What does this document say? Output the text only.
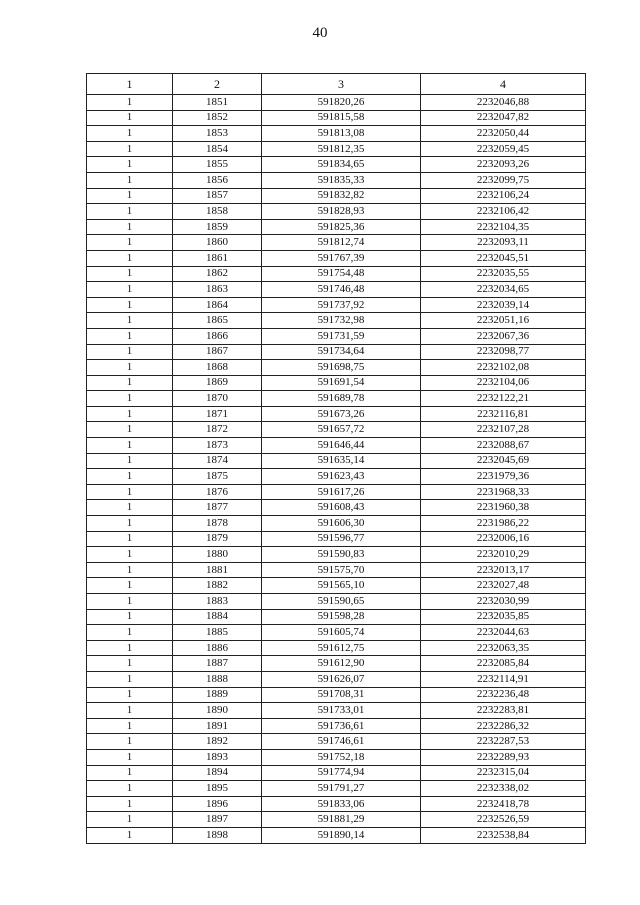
40
1	2	3	4
1	1851	591820,26	2232046,88
1	1852	591815,58	2232047,82
1	1853	591813,08	2232050,44
1	1854	591812,35	2232059,45
1	1855	591834,65	2232093,26
1	1856	591835,33	2232099,75
1	1857	591832,82	2232106,24
1	1858	591828,93	2232106,42
1	1859	591825,36	2232104,35
1	1860	591812,74	2232093,11
1	1861	591767,39	2232045,51
1	1862	591754,48	2232035,55
1	1863	591746,48	2232034,65
1	1864	591737,92	2232039,14
1	1865	591732,98	2232051,16
1	1866	591731,59	2232067,36
1	1867	591734,64	2232098,77
1	1868	591698,75	2232102,08
1	1869	591691,54	2232104,06
1	1870	591689,78	2232122,21
1	1871	591673,26	2232116,81
1	1872	591657,72	2232107,28
1	1873	591646,44	2232088,67
1	1874	591635,14	2232045,69
1	1875	591623,43	2231979,36
1	1876	591617,26	2231968,33
1	1877	591608,43	2231960,38
1	1878	591606,30	2231986,22
1	1879	591596,77	2232006,16
1	1880	591590,83	2232010,29
1	1881	591575,70	2232013,17
1	1882	591565,10	2232027,48
1	1883	591590,65	2232030,99
1	1884	591598,28	2232035,85
1	1885	591605,74	2232044,63
1	1886	591612,75	2232063,35
1	1887	591612,90	2232085,84
1	1888	591626,07	2232114,91
1	1889	591708,31	2232236,48
1	1890	591733,01	2232283,81
1	1891	591736,61	2232286,32
1	1892	591746,61	2232287,53
1	1893	591752,18	2232289,93
1	1894	591774,94	2232315,04
1	1895	591791,27	2232338,02
1	1896	591833,06	2232418,78
1	1897	591881,29	2232526,59
1	1898	591890,14	2232538,84
